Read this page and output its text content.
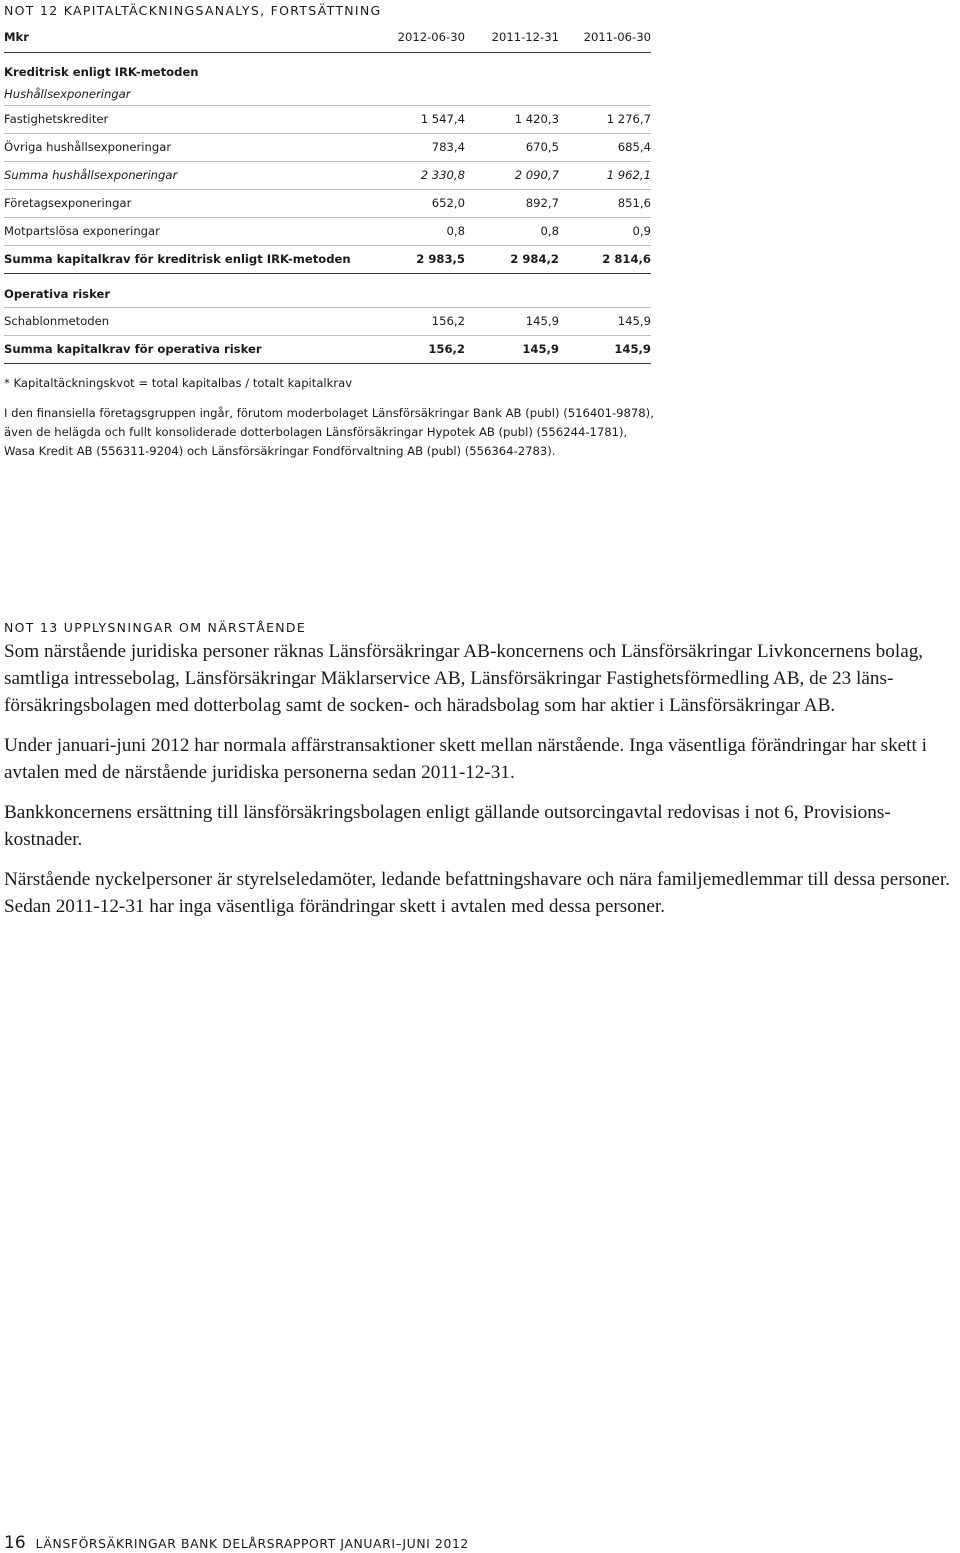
NOT 12 KAPITALTÄCKNINGSANALYS, FORTSÄTTNING
Mkr	2012-06-30	2011-12-31	2011-06-30
Kreditrisk enligt IRK-metoden
Hushållsexponeringar
Fastighetskrediter	1 547,4	1 420,3	1 276,7
Övriga hushållsexponeringar	783,4	670,5	685,4
Summa hushållsexponeringar	2 330,8	2 090,7	1 962,1
Företagsexponeringar	652,0	892,7	851,6
Motpartslösa exponeringar	0,8	0,8	0,9
Summa kapitalkrav för kreditrisk enligt IRK-metoden	2 983,5	2 984,2	2 814,6
Operativa risker
Schablonmetoden	156,2	145,9	145,9
Summa kapitalkrav för operativa risker	156,2	145,9	145,9
* Kapitaltäckningskvot = total kapitalbas / totalt kapitalkrav
I den finansiella företagsgruppen ingår, förutom moderbolaget Länsförsäkringar Bank AB (publ) (516401-9878),
även de helägda och fullt konsoliderade dotterbolagen Länsförsäkringar Hypotek AB (publ) (556244-1781),
Wasa Kredit AB (556311-9204) och Länsförsäkringar Fondförvaltning AB (publ) (556364-2783).
NOT 13 UPPLYSNINGAR OM NÄRSTÅENDE
Som närstående juridiska personer räknas Länsförsäkringar AB-koncernens och Länsförsäkringar Livkoncernens bolag,
samtliga intressebolag, Länsförsäkringar Mäklarservice AB, Länsförsäkringar Fastighetsförmedling AB, de 23 läns-
försäkringsbolagen med dotterbolag samt de socken- och häradsbolag som har aktier i Länsförsäkringar AB.
Under januari-juni 2012 har normala affärstransaktioner skett mellan närstående. Inga väsentliga förändringar har skett i
avtalen med de närstående juridiska personerna sedan 2011-12-31.
Bankkoncernens ersättning till länsförsäkringsbolagen enligt gällande outsorcingavtal redovisas i not 6, Provisions-
kostnader.
Närstående nyckelpersoner är styrelseledamöter, ledande befattningshavare och nära familjemedlemmar till dessa personer.
Sedan 2011-12-31 har inga väsentliga förändringar skett i avtalen med dessa personer.
16 LÄNSFÖRSÄKRINGAR BANK DELÅRSRAPPORT JANUARI–JUNI 2012
